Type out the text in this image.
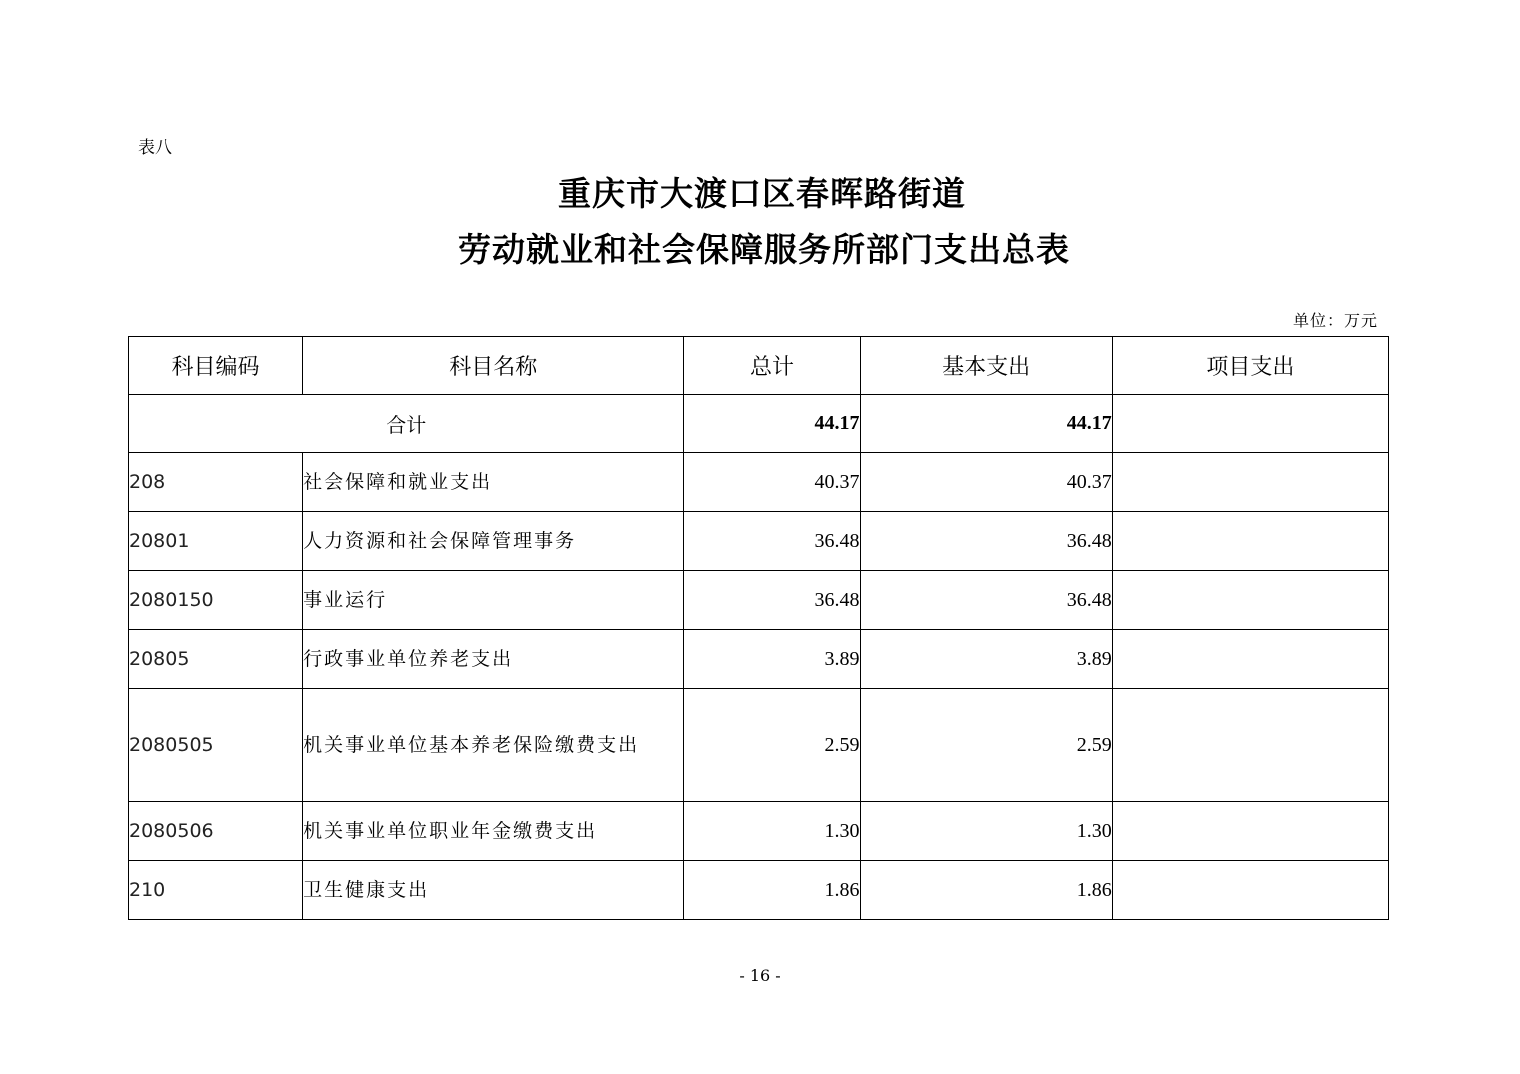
表八
重庆市大渡口区春晖路街道
劳动就业和社会保障服务所部门支出总表
单位：万元
科目编码	科目名称	总计	基本支出	项目支出
合计		44.17	44.17	
208	社会保障和就业支出	40.37	40.37	
20801	人力资源和社会保障管理事务	36.48	36.48	
2080150	事业运行	36.48	36.48	
20805	行政事业单位养老支出	3.89	3.89	
2080505	机关事业单位基本养老保险缴费支出	2.59	2.59	
2080506	机关事业单位职业年金缴费支出	1.30	1.30	
210	卫生健康支出	1.86	1.86	
- 16 -
